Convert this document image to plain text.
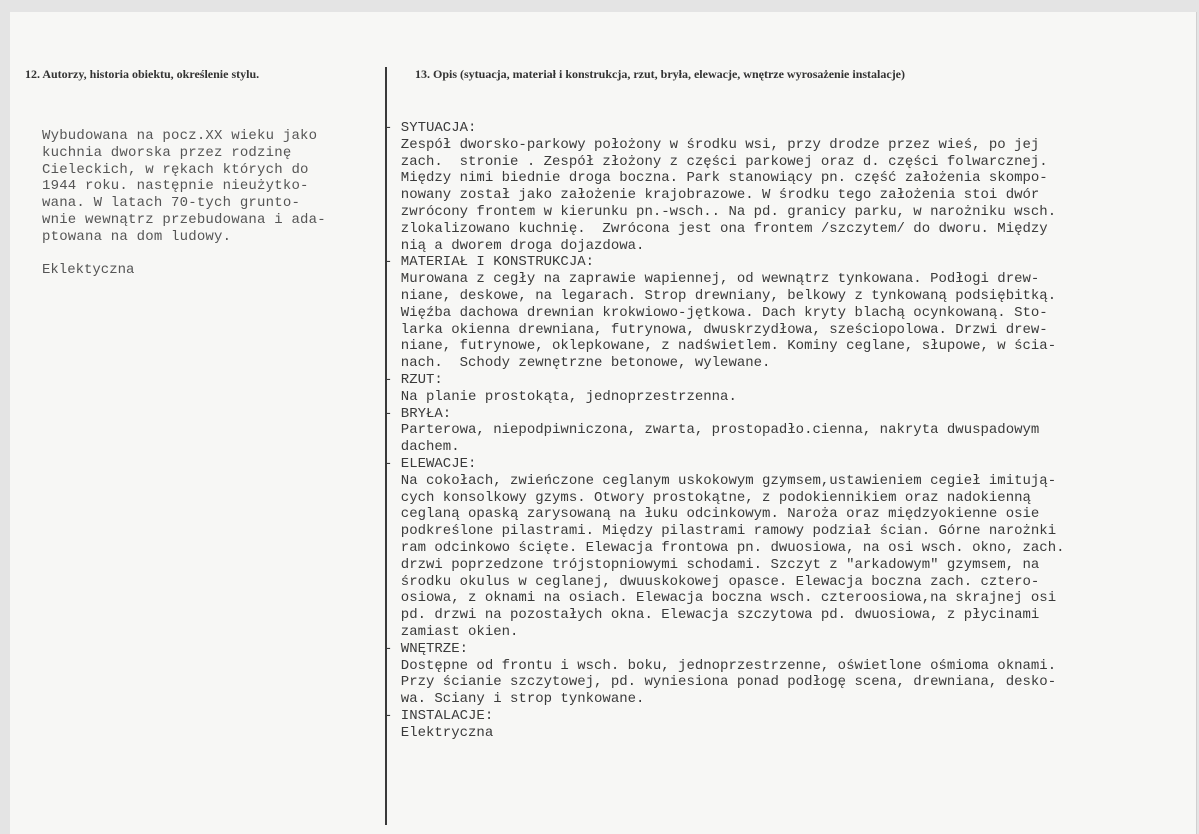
12. Autorzy, historia obiektu, określenie stylu.	13. Opis (sytuacja, materiał i konstrukcja, rzut, bryła, elewacje, wnętrze wyrosażenie instalacje)
Wybudowana na pocz.XX wieku jako
kuchnia dworska przez rodzinę
Cieleckich, w rękach których do
1944 roku. następnie nieużytko-
wana. W latach 70-tych grunto-
wnie wewnątrz przebudowana i ada-
ptowana na dom ludowy.
Eklektyczna
- SYTUACJA:
Zespół dworsko-parkowy położony w środku wsi, przy drodze przez wieś, po jej
zach.  stronie . Zespół złożony z części parkowej oraz d. części folwarcznej.
Między nimi biednie droga boczna. Park stanowiący pn. część założenia skompo-
nowany został jako założenie krajobrazowe. W środku tego założenia stoi dwór
zwrócony frontem w kierunku pn.-wsch.. Na pd. granicy parku, w narożniku wsch.
zlokalizowano kuchnię.  Zwrócona jest ona frontem /szczytem/ do dworu. Między
nią a dworem droga dojazdowa.
- MATERIAŁ I KONSTRUKCJA:
Murowana z cegły na zaprawie wapiennej, od wewnątrz tynkowana. Podłogi drew-
niane, deskowe, na legarach. Strop drewniany, belkowy z tynkowaną podsiębitką.
Więźba dachowa drewnian krokwiowo-jętkowa. Dach kryty blachą ocynkowaną. Sto-
larka okienna drewniana, futrynowa, dwuskrzydłowa, sześciopolowa. Drzwi drew-
niane, futrynowe, oklepkowane, z nadświetlem. Kominy ceglane, słupowe, w ścia-
nach.  Schody zewnętrzne betonowe, wylewane.
- RZUT:
Na planie prostokąta, jednoprzestrzenna.
- BRYŁA:
Parterowa, niepodpiwniczona, zwarta, prostopadło.cienna, nakryta dwuspadowym
dachem.
- ELEWACJE:
Na cokołach, zwieńczone ceglanym uskokowym gzymsem,ustawieniem cegieł imitują-
cych konsolkowy gzyms. Otwory prostokątne, z podokiennikiem oraz nadokienną
ceglaną opaską zarysowaną na łuku odcinkowym. Naroża oraz międzyokienne osie
podkreślone pilastrami. Między pilastrami ramowy podział ścian. Górne narożnki
ram odcinkowo ścięte. Elewacja frontowa pn. dwuosiowa, na osi wsch. okno, zach.
drzwi poprzedzone trójstopniowymi schodami. Szczyt z "arkadowym" gzymsem, na
środku okulus w ceglanej, dwuuskokowej opasce. Elewacja boczna zach. cztero-
osiowa, z oknami na osiach. Elewacja boczna wsch. czteroosiowa,na skrajnej osi
pd. drzwi na pozostałych okna. Elewacja szczytowa pd. dwuosiowa, z płycinami
zamiast okien.
- WNĘTRZE:
Dostępne od frontu i wsch. boku, jednoprzestrzenne, oświetlone ośmioma oknami.
Przy ścianie szczytowej, pd. wyniesiona ponad podłogę scena, drewniana, desko-
wa. Sciany i strop tynkowane.
- INSTALACJE:
Elektryczna
